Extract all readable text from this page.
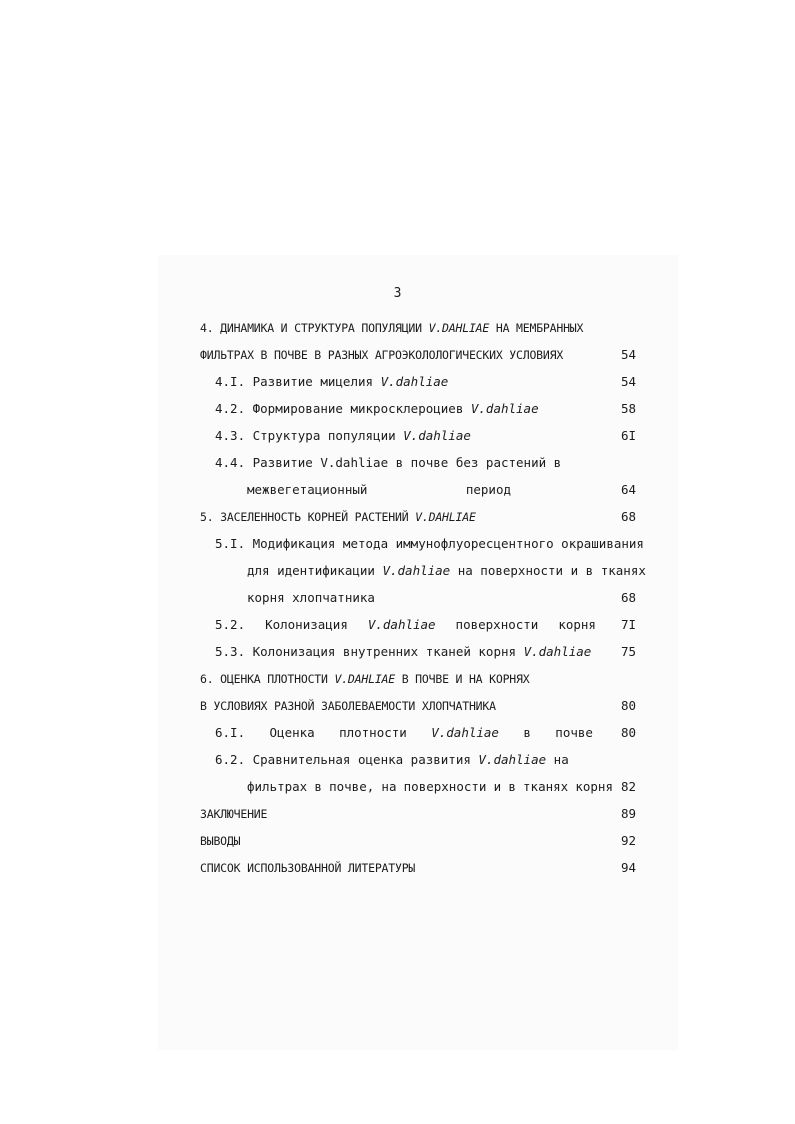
3
4. ДИНАМИКА И СТРУКТУРА ПОПУЛЯЦИИ V.DAHLIAE НА МЕМБРАННЫХ
ФИЛЬТРАХ В ПОЧВЕ В РАЗНЫХ АГРОЭКОЛОЛОГИЧЕСКИХ УСЛОВИЯХ	54
4.I. Развитие мицелия V.dahliae	54
4.2. Формирование микросклероциев V.dahliae	58
4.3. Структура популяции V.dahliae	6I
4.4. Развитие V.dahliae в почве без растений в
межвегетационный	период	64
5. ЗАСЕЛЕННОСТЬ КОРНЕЙ РАСТЕНИЙ V.DAHLIAE	68
5.I. Модификация метода иммунофлуоресцентного окрашивания
для идентификации V.dahliae на поверхности и в тканях
корня хлопчатника	68
5.2. Колонизация V.dahliae поверхности корня 7I
5.3. Колонизация внутренних тканей корня V.dahliae 75
6. ОЦЕНКА ПЛОТНОСТИ V.DAHLIAE В ПОЧВЕ И НА КОРНЯХ
В УСЛОВИЯХ РАЗНОЙ ЗАБОЛЕВАЕМОСТИ ХЛОПЧАТНИКА	80
6.I. Оценка плотности V.dahliae в почве 80
6.2. Сравнительная оценка развития V.dahliae на
фильтрах в почве, на поверхности и в тканях корня 82
ЗАКЛЮЧЕНИЕ	89
ВЫВОДЫ	92
СПИСОК ИСПОЛЬЗОВАННОЙ ЛИТЕРАТУРЫ	94
